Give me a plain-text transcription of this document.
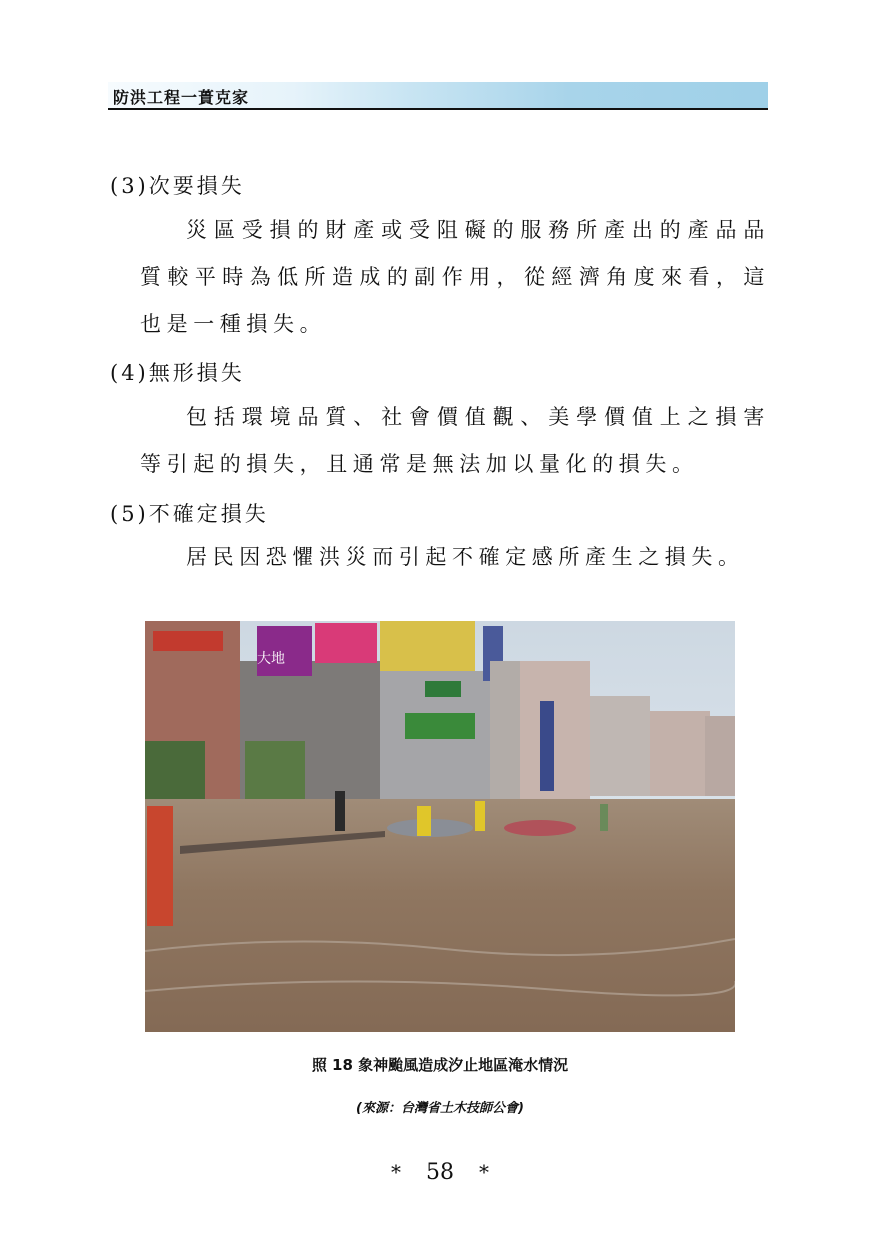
防洪工程一蕢克家
(3)次要損失
災區受損的財產或受阻礙的服務所產出的產品品質較平時為低所造成的副作用，從經濟角度來看，這也是一種損失。
(4)無形損失
包括環境品質、社會價值觀、美學價值上之損害等引起的損失，且通常是無法加以量化的損失。
(5)不確定損失
居民因恐懼洪災而引起不確定感所產生之損失。
大地
照 18 象神颱風造成汐止地區淹水情況
(來源：台灣省土木技師公會)
* 58 *
